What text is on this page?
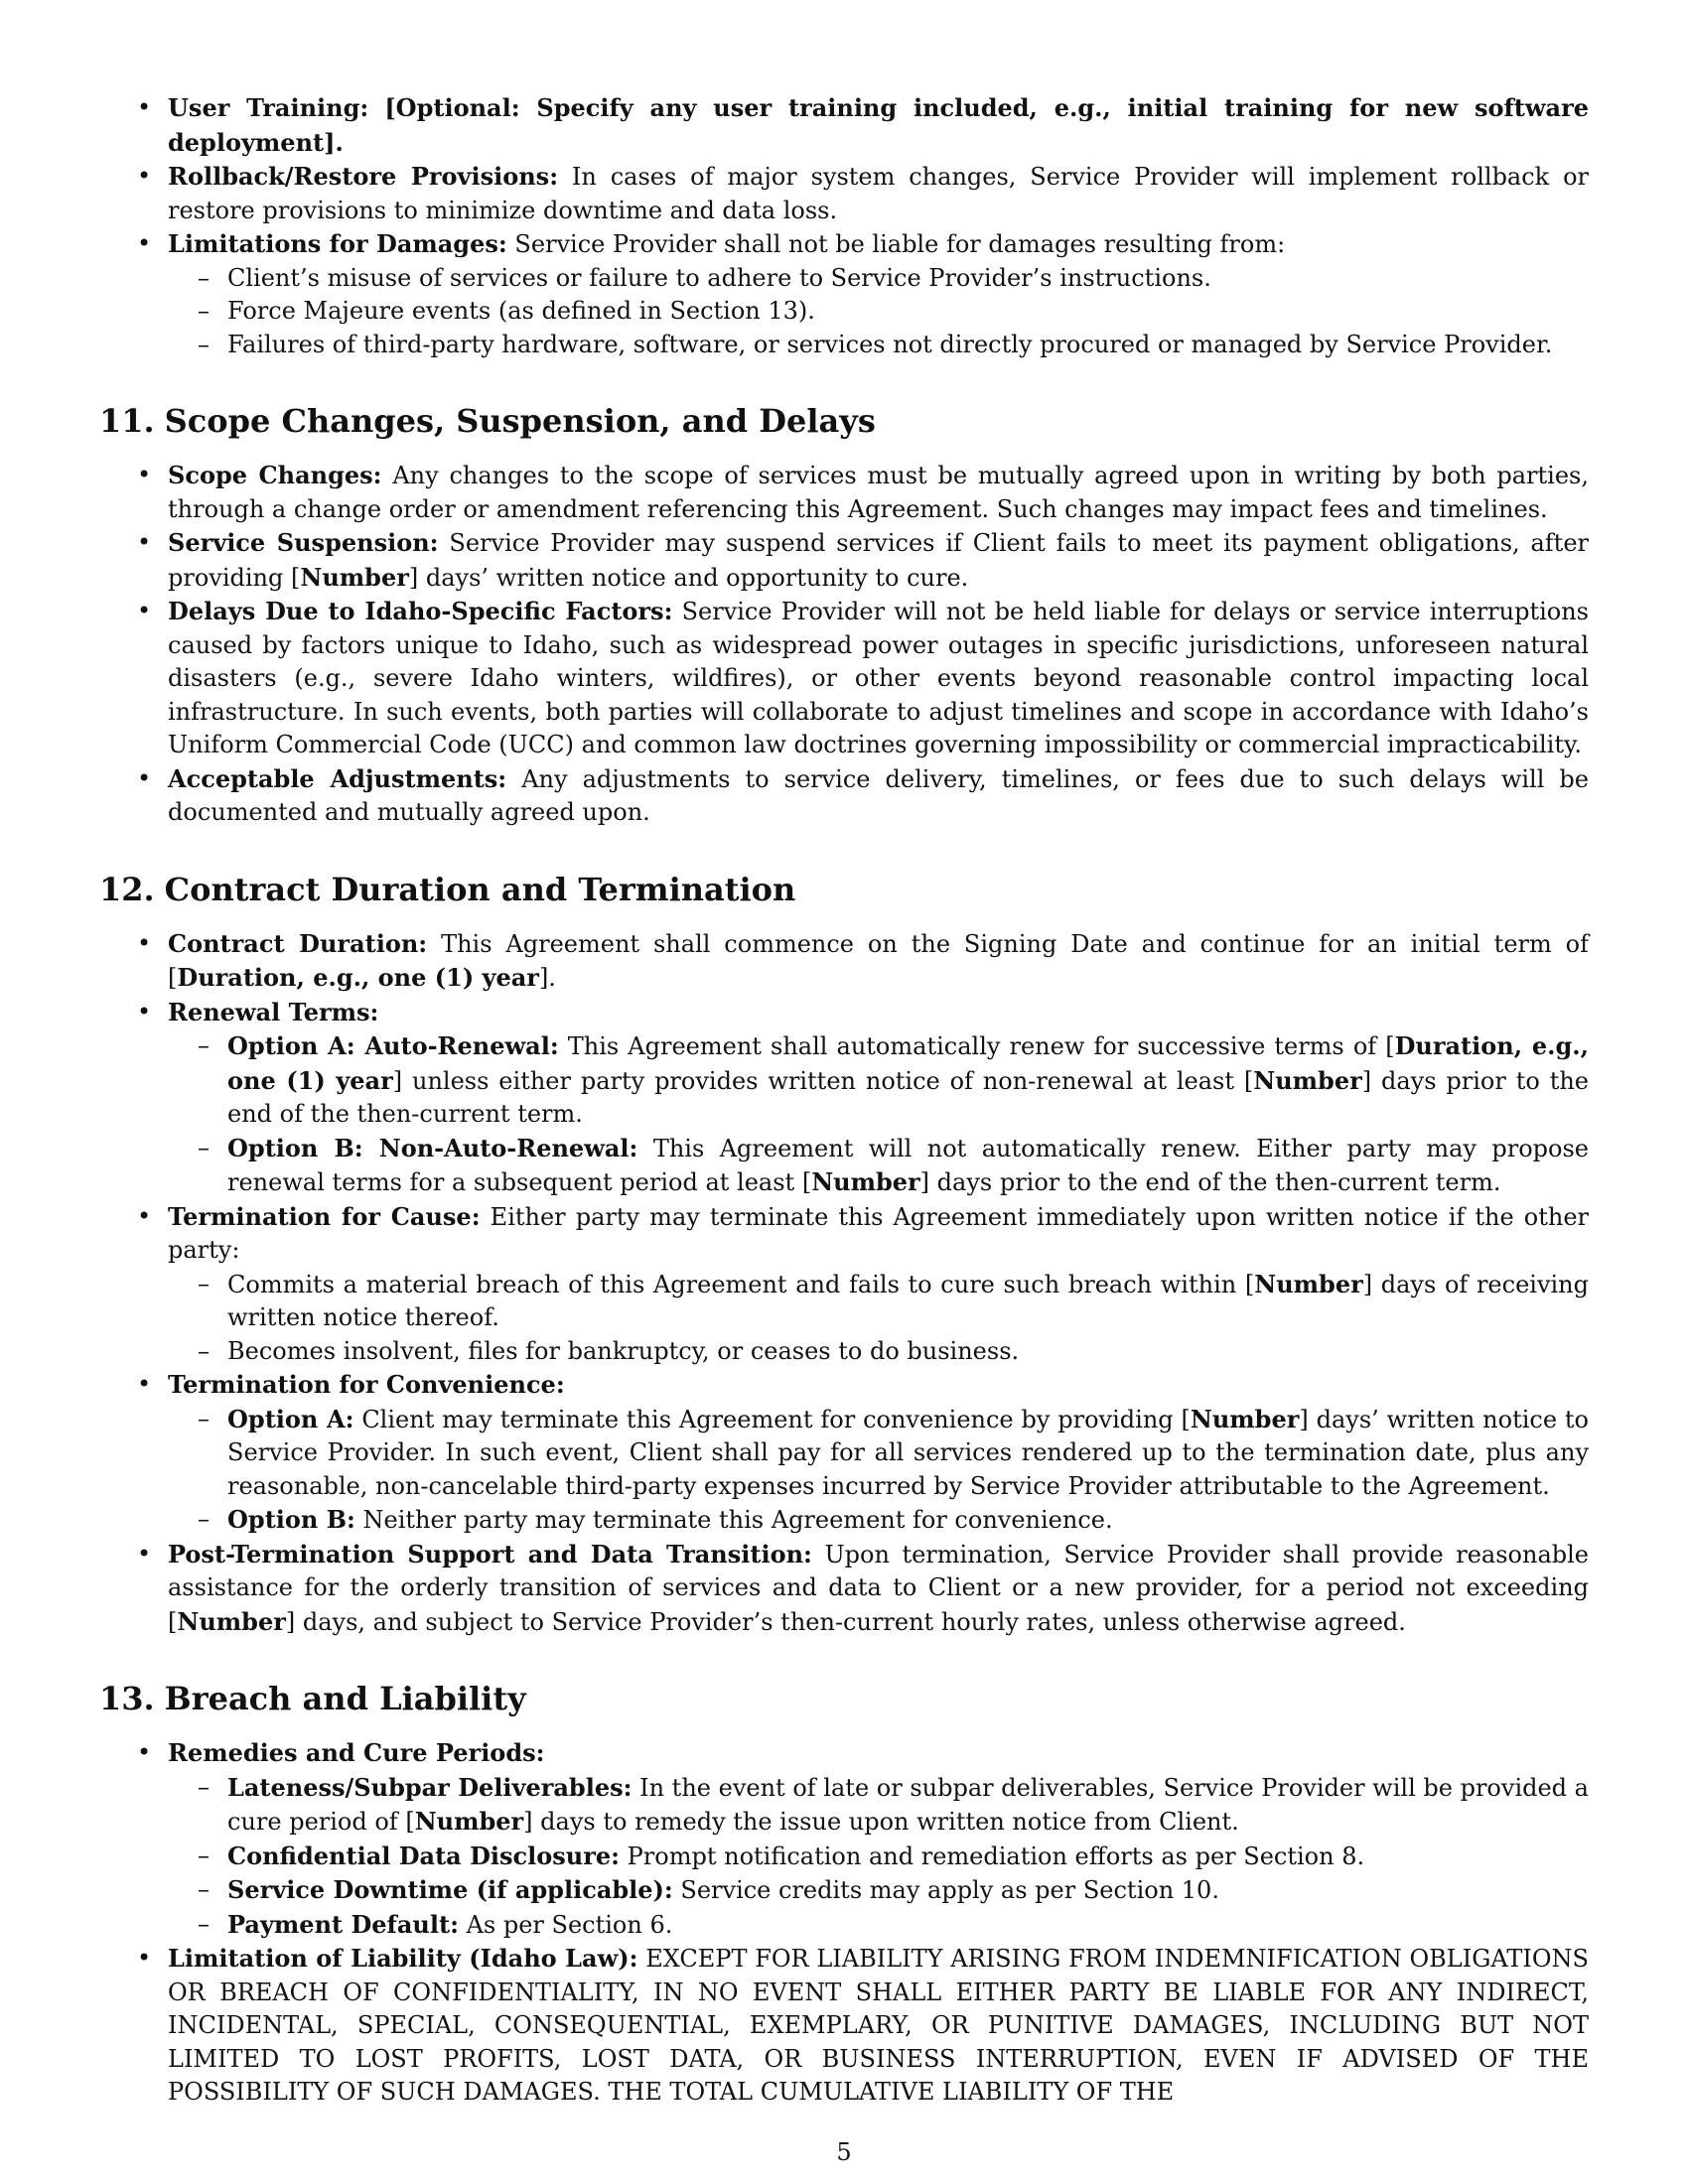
• User Training: [Optional: Specify any user training included, e.g., initial training for new software deployment].
• Rollback/Restore Provisions: In cases of major system changes, Service Provider will implement rollback or restore provisions to minimize downtime and data loss.
• Limitations for Damages: Service Provider shall not be liable for damages resulting from:
– Client’s misuse of services or failure to adhere to Service Provider’s instructions.
– Force Majeure events (as defined in Section 13).
– Failures of third-party hardware, software, or services not directly procured or managed by Service Provider.
11. Scope Changes, Suspension, and Delays
• Scope Changes: Any changes to the scope of services must be mutually agreed upon in writing by both parties, through a change order or amendment referencing this Agreement. Such changes may impact fees and timelines.
• Service Suspension: Service Provider may suspend services if Client fails to meet its payment obligations, after providing [Number] days’ written notice and opportunity to cure.
• Delays Due to Idaho-Specific Factors: Service Provider will not be held liable for delays or service interruptions caused by factors unique to Idaho, such as widespread power outages in specific jurisdictions, unforeseen natural disasters (e.g., severe Idaho winters, wildfires), or other events beyond reasonable control impacting local infrastructure. In such events, both parties will collaborate to adjust timelines and scope in accordance with Idaho’s Uniform Commercial Code (UCC) and common law doctrines governing impossibility or commercial impracticability.
• Acceptable Adjustments: Any adjustments to service delivery, timelines, or fees due to such delays will be documented and mutually agreed upon.
12. Contract Duration and Termination
• Contract Duration: This Agreement shall commence on the Signing Date and continue for an initial term of [Duration, e.g., one (1) year].
• Renewal Terms:
– Option A: Auto-Renewal: This Agreement shall automatically renew for successive terms of [Duration, e.g., one (1) year] unless either party provides written notice of non-renewal at least [Number] days prior to the end of the then-current term.
– Option B: Non-Auto-Renewal: This Agreement will not automatically renew. Either party may propose renewal terms for a subsequent period at least [Number] days prior to the end of the then-current term.
• Termination for Cause: Either party may terminate this Agreement immediately upon written notice if the other party:
– Commits a material breach of this Agreement and fails to cure such breach within [Number] days of receiving written notice thereof.
– Becomes insolvent, files for bankruptcy, or ceases to do business.
• Termination for Convenience:
– Option A: Client may terminate this Agreement for convenience by providing [Number] days’ written notice to Service Provider. In such event, Client shall pay for all services rendered up to the termination date, plus any reasonable, non-cancelable third-party expenses incurred by Service Provider attributable to the Agreement.
– Option B: Neither party may terminate this Agreement for convenience.
• Post-Termination Support and Data Transition: Upon termination, Service Provider shall provide reasonable assistance for the orderly transition of services and data to Client or a new provider, for a period not exceeding [Number] days, and subject to Service Provider’s then-current hourly rates, unless otherwise agreed.
13. Breach and Liability
• Remedies and Cure Periods:
– Lateness/Subpar Deliverables: In the event of late or subpar deliverables, Service Provider will be provided a cure period of [Number] days to remedy the issue upon written notice from Client.
– Confidential Data Disclosure: Prompt notification and remediation efforts as per Section 8.
– Service Downtime (if applicable): Service credits may apply as per Section 10.
– Payment Default: As per Section 6.
• Limitation of Liability (Idaho Law): EXCEPT FOR LIABILITY ARISING FROM INDEMNIFICATION OBLIGATIONS OR BREACH OF CONFIDENTIALITY, IN NO EVENT SHALL EITHER PARTY BE LIABLE FOR ANY INDIRECT, INCIDENTAL, SPECIAL, CONSEQUENTIAL, EXEMPLARY, OR PUNITIVE DAMAGES, INCLUDING BUT NOT LIMITED TO LOST PROFITS, LOST DATA, OR BUSINESS INTERRUPTION, EVEN IF ADVISED OF THE POSSIBILITY OF SUCH DAMAGES. THE TOTAL CUMULATIVE LIABILITY OF THE
5
